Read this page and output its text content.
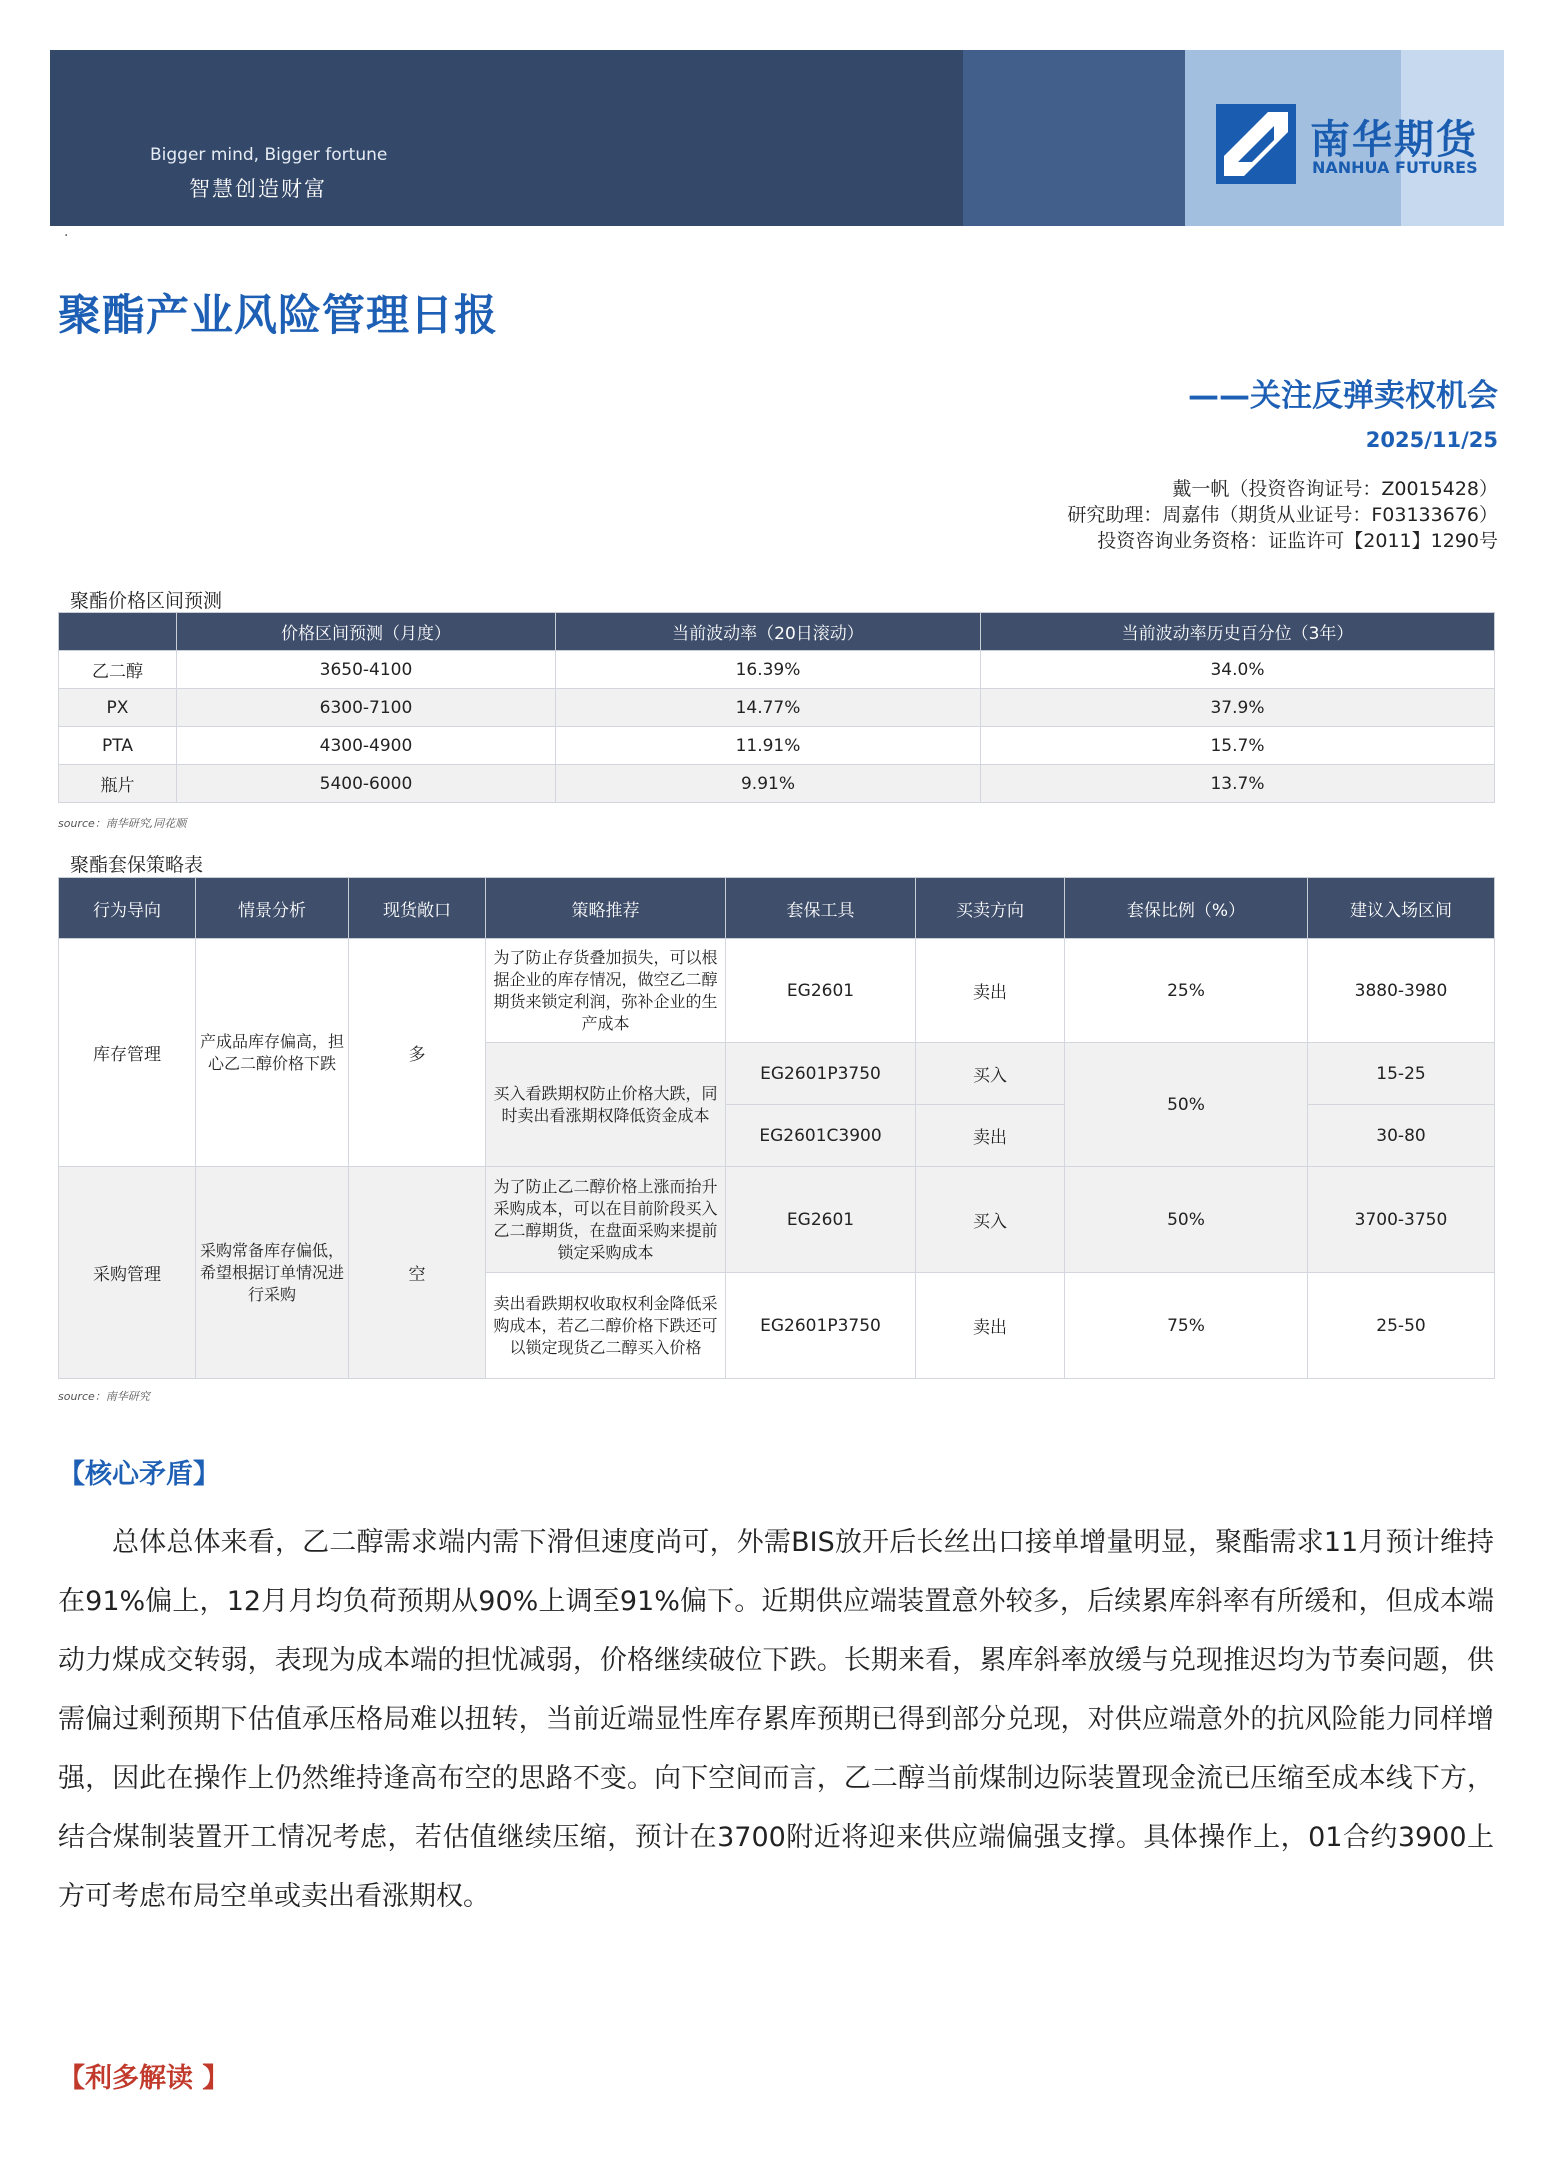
Bigger mind, Bigger fortune
智慧创造财富
南华期货
NANHUA FUTURES
·
聚酯产业风险管理日报
——关注反弹卖权机会
2025/11/25
戴一帆（投资咨询证号：Z0015428）
研究助理：周嘉伟（期货从业证号：F03133676）
投资咨询业务资格：证监许可【2011】1290号
聚酯价格区间预测
	价格区间预测（月度）	当前波动率（20日滚动）	当前波动率历史百分位（3年）
乙二醇	3650-4100	16.39%	34.0%
PX	6300-7100	14.77%	37.9%
PTA	4300-4900	11.91%	15.7%
瓶片	5400-6000	9.91%	13.7%
source：南华研究,同花顺
聚酯套保策略表
行为导向	情景分析	现货敞口	策略推荐	套保工具	买卖方向	套保比例（%）	建议入场区间
库存管理	产成品库存偏高，担心乙二醇价格下跌	多	为了防止存货叠加损失，可以根据企业的库存情况，做空乙二醇期货来锁定利润，弥补企业的生产成本	EG2601	卖出	25%	3880-3980
			买入看跌期权防止价格大跌，同时卖出看涨期权降低资金成本	EG2601P3750	买入	50%	15-25
				EG2601C3900	卖出		30-80
采购管理	采购常备库存偏低，希望根据订单情况进行采购	空	为了防止乙二醇价格上涨而抬升采购成本，可以在目前阶段买入乙二醇期货，在盘面采购来提前锁定采购成本	EG2601	买入	50%	3700-3750
			卖出看跌期权收取权利金降低采购成本，若乙二醇价格下跌还可以锁定现货乙二醇买入价格	EG2601P3750	卖出	75%	25-50
source：南华研究
【核心矛盾】
总体总体来看，乙二醇需求端内需下滑但速度尚可，外需BIS放开后长丝出口接单增量明显，聚酯需求11月预计维持在91%偏上，12月月均负荷预期从90%上调至91%偏下。近期供应端装置意外较多，后续累库斜率有所缓和，但成本端动力煤成交转弱，表现为成本端的担忧减弱，价格继续破位下跌。长期来看，累库斜率放缓与兑现推迟均为节奏问题，供需偏过剩预期下估值承压格局难以扭转，当前近端显性库存累库预期已得到部分兑现，对供应端意外的抗风险能力同样增强，因此在操作上仍然维持逢高布空的思路不变。向下空间而言，乙二醇当前煤制边际装置现金流已压缩至成本线下方，结合煤制装置开工情况考虑，若估值继续压缩，预计在3700附近将迎来供应端偏强支撑。具体操作上，01合约3900上方可考虑布局空单或卖出看涨期权。
【利多解读 】
